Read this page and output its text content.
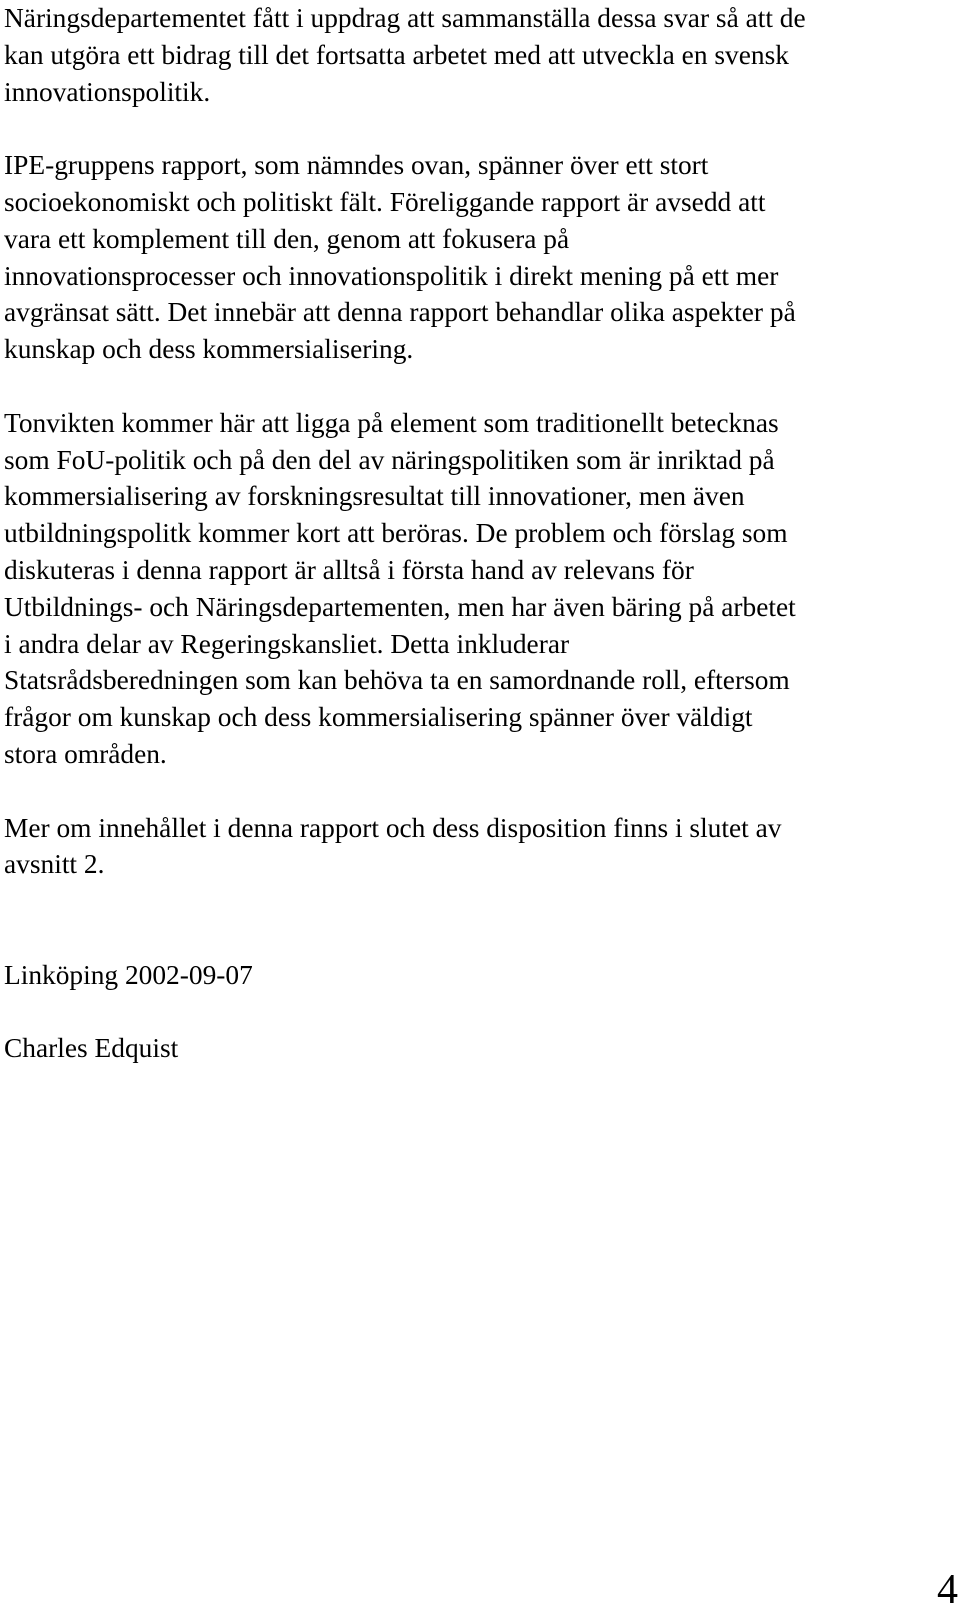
Näringsdepartementet fått i uppdrag att sammanställa dessa svar så att de
kan utgöra ett bidrag till det fortsatta arbetet med att utveckla en svensk
innovationspolitik.
IPE-gruppens rapport, som nämndes ovan, spänner över ett stort
socioekonomiskt och politiskt fält. Föreliggande rapport är avsedd att
vara ett komplement till den, genom att fokusera på
innovationsprocesser och innovationspolitik i direkt mening på ett mer
avgränsat sätt. Det innebär att denna rapport behandlar olika aspekter på
kunskap och dess kommersialisering.
Tonvikten kommer här att ligga på element som traditionellt betecknas
som FoU-politik och på den del av näringspolitiken som är inriktad på
kommersialisering av forskningsresultat till innovationer, men även
utbildningspolitk kommer kort att beröras. De problem och förslag som
diskuteras i denna rapport är alltså i första hand av relevans för
Utbildnings- och Näringsdepartementen, men har även bäring på arbetet
i andra delar av Regeringskansliet. Detta inkluderar
Statsrådsberedningen som kan behöva ta en samordnande roll, eftersom
frågor om kunskap och dess kommersialisering spänner över väldigt
stora områden.
Mer om innehållet i denna rapport och dess disposition finns i slutet av
avsnitt 2.
Linköping 2002-09-07
Charles Edquist
4
